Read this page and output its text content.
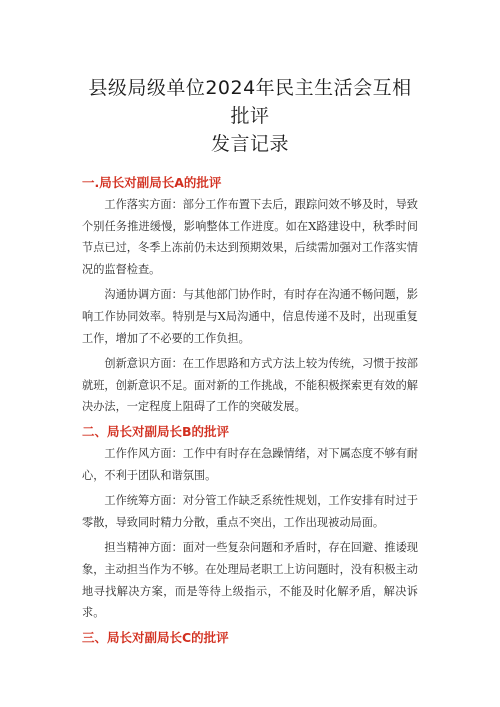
县级局级单位2024年民主生活会互相批评
发言记录
一.局长对副局长A的批评

工作落实方面：部分工作布置下去后，跟踪问效不够及时，导致个别任务推进缓慢，影响整体工作进度。如在X路建设中，秋季时间节点已过，冬季上冻前仍未达到预期效果，后续需加强对工作落实情况的监督检查。

沟通协调方面：与其他部门协作时，有时存在沟通不畅问题，影响工作协同效率。特别是与X局沟通中，信息传递不及时，出现重复工作，增加了不必要的工作负担。

创新意识方面：在工作思路和方式方法上较为传统，习惯于按部就班，创新意识不足。面对新的工作挑战，不能积极探索更有效的解决办法，一定程度上阻碍了工作的突破发展。

二、局长对副局长B的批评

工作作风方面：工作中有时存在急躁情绪，对下属态度不够有耐心，不利于团队和谐氛围。

工作统筹方面：对分管工作缺乏系统性规划，工作安排有时过于零散，导致同时精力分散，重点不突出，工作出现被动局面。

担当精神方面：面对一些复杂问题和矛盾时，存在回避、推诿现象，主动担当作为不够。在处理局老职工上访问题时，没有积极主动地寻找解决方案，而是等待上级指示，不能及时化解矛盾，解决诉求。

三、局长对副局长C的批评
